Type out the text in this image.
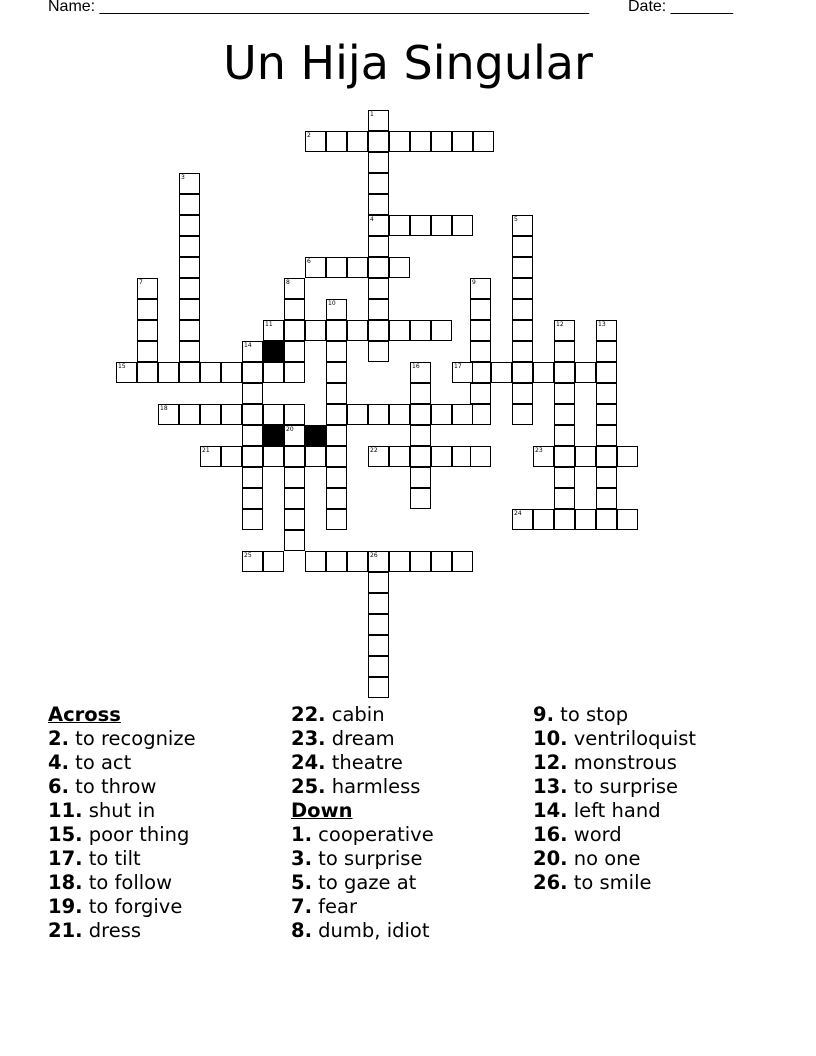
Name: _______________________________________________________ Date: _______
Un Hija Singular
1
4
2
3
5
6
7	8	9
10
11	12	13
14
15	16	17
18
20
21	22	23
24
25	26
Across
2. to recognize
4. to act
6. to throw
11. shut in
15. poor thing
17. to tilt
18. to follow
19. to forgive
21. dress
22. cabin
23. dream
24. theatre
25. harmless
Down
1. cooperative
3. to surprise
5. to gaze at
7. fear
8. dumb, idiot
9. to stop
10. ventriloquist
12. monstrous
13. to surprise
14. left hand
16. word
20. no one
26. to smile
